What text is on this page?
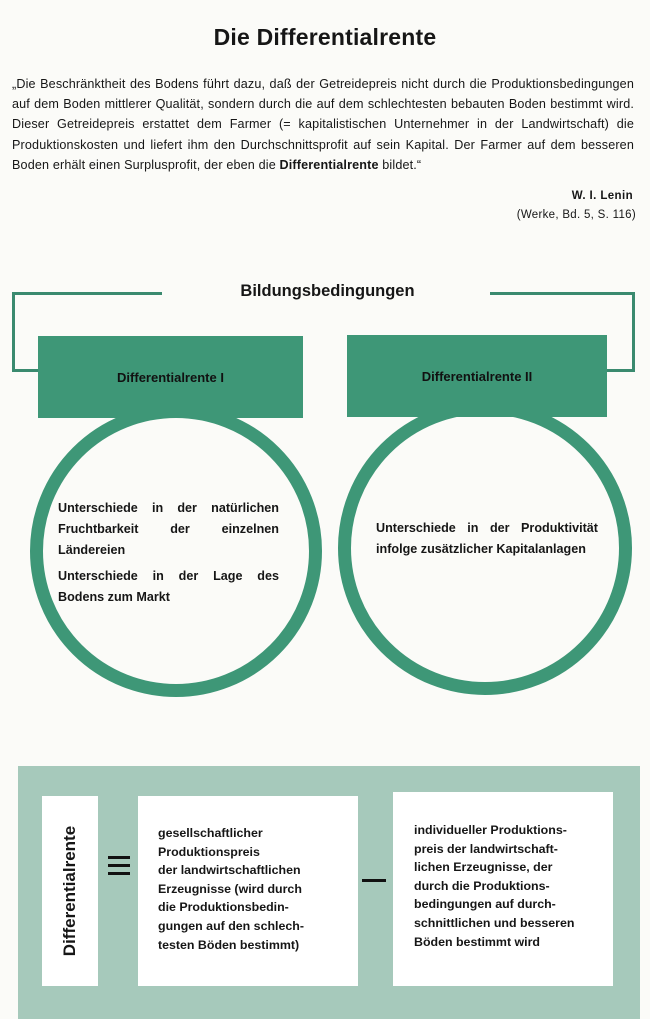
Die Differentialrente
„Die Beschränktheit des Bodens führt dazu, daß der Getreidepreis nicht durch die Produktionsbedingungen auf dem Boden mittlerer Qualität, sondern durch die auf dem schlechtesten bebauten Boden bestimmt wird. Dieser Getreidepreis erstattet dem Farmer (= kapitalistischen Unternehmer in der Landwirtschaft) die Produktionskosten und liefert ihm den Durchschnittsprofit auf sein Kapital. Der Farmer auf dem besseren Boden erhält einen Surplusprofit, der eben die Differentialrente bildet.“
W. I. Lenin
(Werke, Bd. 5, S. 116)
Bildungsbedingungen
Differentialrente I

Unterschiede in der natürlichen Fruchtbarkeit der einzelnen Ländereien

Unterschiede in der Lage des Bodens zum Markt

Differentialrente II

Unterschiede in der Produktivität infolge zusätzlicher Kapitalanlagen

Differentialrente	gesellschaftlicher
Produktionspreis
der landwirtschaftlichen
Erzeugnisse (wird durch
die Produktionsbedin-
gungen auf den schlech-
testen Böden bestimmt)
individueller Produktions-
preis der landwirtschaft-
lichen Erzeugnisse, der
durch die Produktions-
bedingungen auf durch-
schnittlichen und besseren
Böden bestimmt wird
